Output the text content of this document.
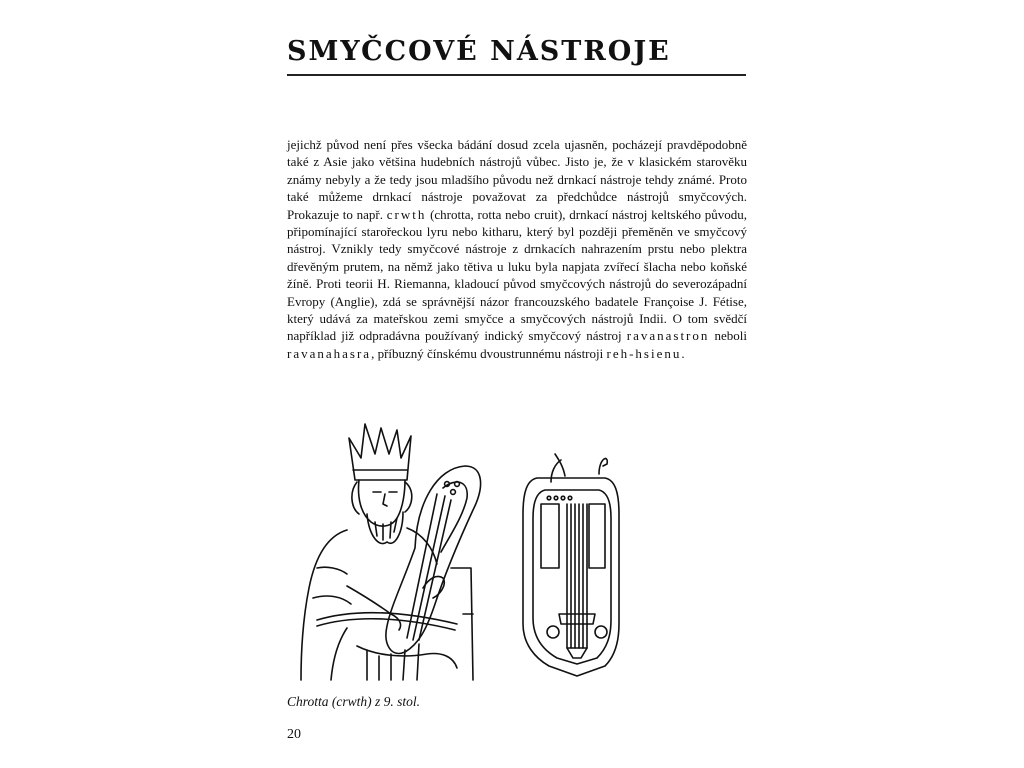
SMYČCOVÉ NÁSTROJE

jejichž původ není přes všecka bádání dosud zcela ujasněn, pocházejí pravděpodobně také z Asie jako většina hudebních nástrojů vůbec. Jisto je, že v klasickém starověku známy nebyly a že tedy jsou mladšího původu než drnkací nástroje tehdy známé. Proto také můžeme drnkací nástroje považovat za předchůdce nástrojů smyčcových. Prokazuje to např. crwth (chrotta, rotta nebo cruit), drnkací nástroj keltského původu, připomínající starořeckou lyru nebo kitharu, který byl později přeměněn ve smyčcový nástroj. Vznikly tedy smyčcové nástroje z drnkacích nahrazením prstu nebo plektra dřevěným prutem, na němž jako tětiva u luku byla napjata zvířecí šlacha nebo koňské žíně. Proti teorii H. Riemanna, kladoucí původ smyčcových nástrojů do severozápadní Evropy (Anglie), zdá se správnější názor francouzského badatele Françoise J. Fétise, který udává za mateřskou zemi smyčce a smyčcových nástrojů Indii. O tom svědčí například již odpradávna používaný indický smyčcový nástroj ravanastron neboli ravanahasra, příbuzný čínskému dvoustrunnému nástroji reh-hsienu.

Chrotta (crwth) z 9. stol.

20
